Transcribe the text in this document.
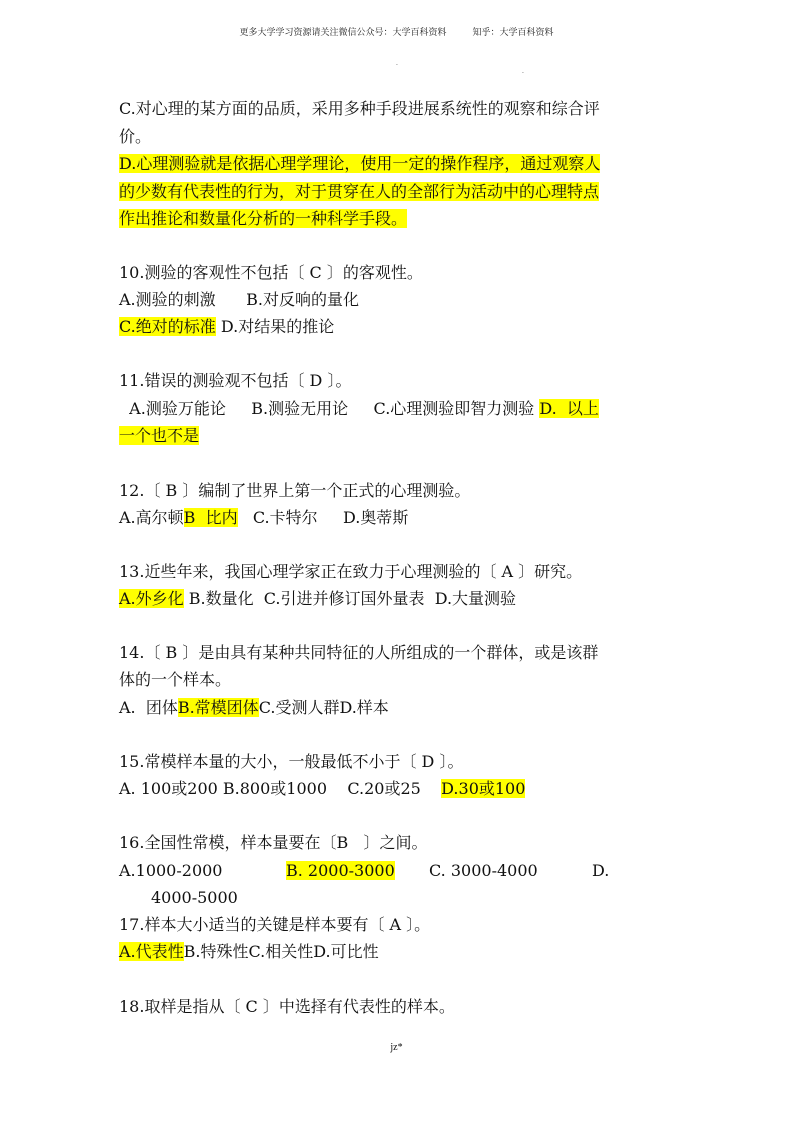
更多大学学习资源请关注微信公众号：大学百科资料	知乎：大学百科资料
.
.
C.对心理的某方面的品质，采用多种手段进展系统性的观察和综合评
价。
D.心理测验就是依据心理学理论，使用一定的操作程序，通过观察人
的少数有代表性的行为，对于贯穿在人的全部行为活动中的心理特点
作出推论和数量化分析的一种科学手段。
10.测验的客观性不包括〔 C 〕的客观性。
A.测验的刺激      B.对反响的量化
C.绝对的标准 D.对结果的推论
11.错误的测验观不包括〔 D 〕。
A.测验万能论     B.测验无用论     C.心理测验即智力测验 D.  以上
一个也不是
12.〔 B 〕编制了世界上第一个正式的心理测验。
A.高尔顿B  比内   C.卡特尔     D.奥蒂斯
13.近些年来，我国心理学家正在致力于心理测验的〔 A 〕研究。
A.外乡化 B.数量化  C.引进并修订国外量表  D.大量测验
14.〔 B 〕是由具有某种共同特征的人所组成的一个群体，或是该群
体的一个样本。
A.  团体B.常模团体C.受测人群D.样本
15.常模样本量的大小，一般最低不小于〔 D 〕。
A. 100或200 B.800或1000    C.20或25 D.30或100
16.全国性常模，样本量要在〔B   〕之间。
A.1000-2000	B. 2000-3000 C. 3000-4000	D.
4000-5000
17.样本大小适当的关键是样本要有〔 A 〕。
A.代表性B.特殊性C.相关性D.可比性
18.取样是指从〔 C 〕中选择有代表性的样本。
jz*
